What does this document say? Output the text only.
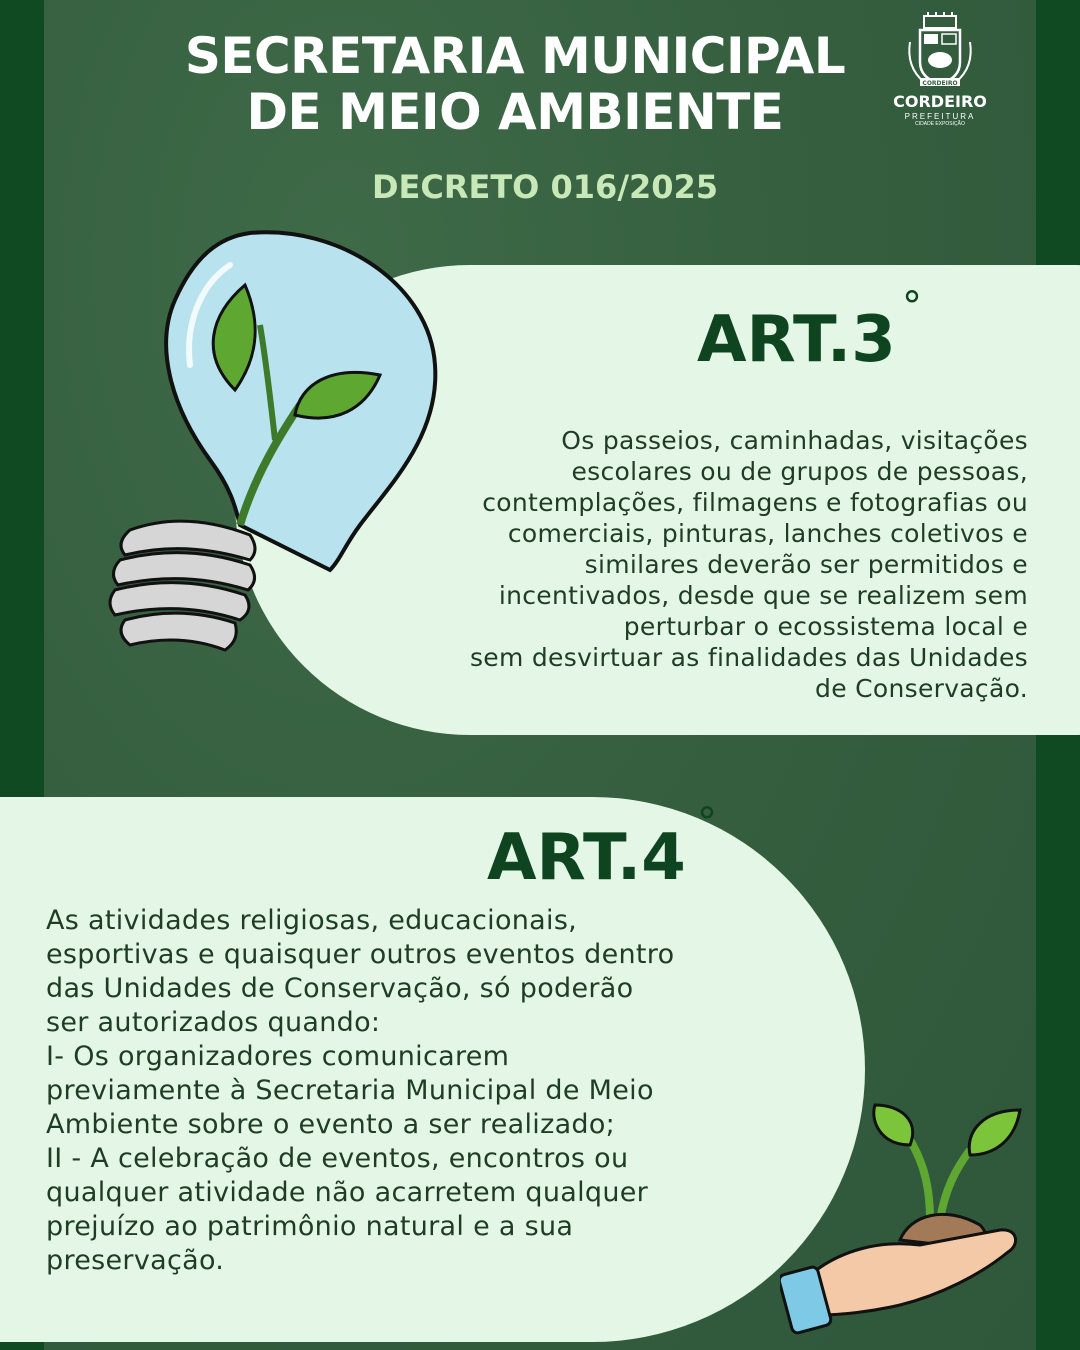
SECRETARIA MUNICIPAL
DE MEIO AMBIENTE
DECRETO 016/2025
CORDEIRO
CORDEIRO
PREFEITURA
CIDADE EXPOSIÇÃO
ART.3 °
Os passeios, caminhadas, visitações
escolares ou de grupos de pessoas,
contemplações, filmagens e fotografias ou
comerciais, pinturas, lanches coletivos e
similares deverão ser permitidos e
incentivados, desde que se realizem sem
perturbar o ecossistema local e
sem desvirtuar as finalidades das Unidades
de Conservação.
ART.4 °

As atividades religiosas, educacionais,

esportivas e quaisquer outros eventos dentro

das Unidades de Conservação, só poderão

ser autorizados quando:

I- Os organizadores comunicarem

previamente à Secretaria Municipal de Meio

Ambiente sobre o evento a ser realizado;

II - A celebração de eventos, encontros ou

qualquer atividade não acarretem qualquer

prejuízo ao patrimônio natural e a sua

preservação.
